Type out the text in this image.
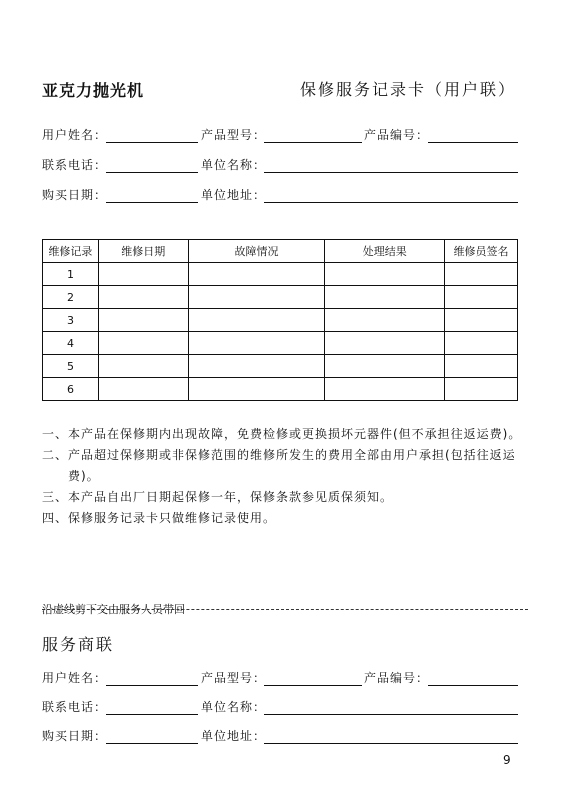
亚克力抛光机	保修服务记录卡（用户联）
用户姓名：	产品型号：	产品编号：
联系电话：	单位名称：
购买日期：	单位地址：
维修记录	维修日期	故障情况	处理结果	维修员签名
1				
2				
3				
4				
5				
6				
一、 本产品在保修期内出现故障，免费检修或更换损坏元器件(但不承担往返运费)。
二、 产品超过保修期或非保修范围的维修所发生的费用全部由用户承担(包括往返运费)。
三、 本产品自出厂日期起保修一年，保修条款参见质保须知。
四、 保修服务记录卡只做维修记录使用。
沿虚线剪下交由服务人员带回
服务商联
用户姓名：	产品型号：	产品编号：
联系电话：	单位名称：
购买日期：	单位地址：
9
